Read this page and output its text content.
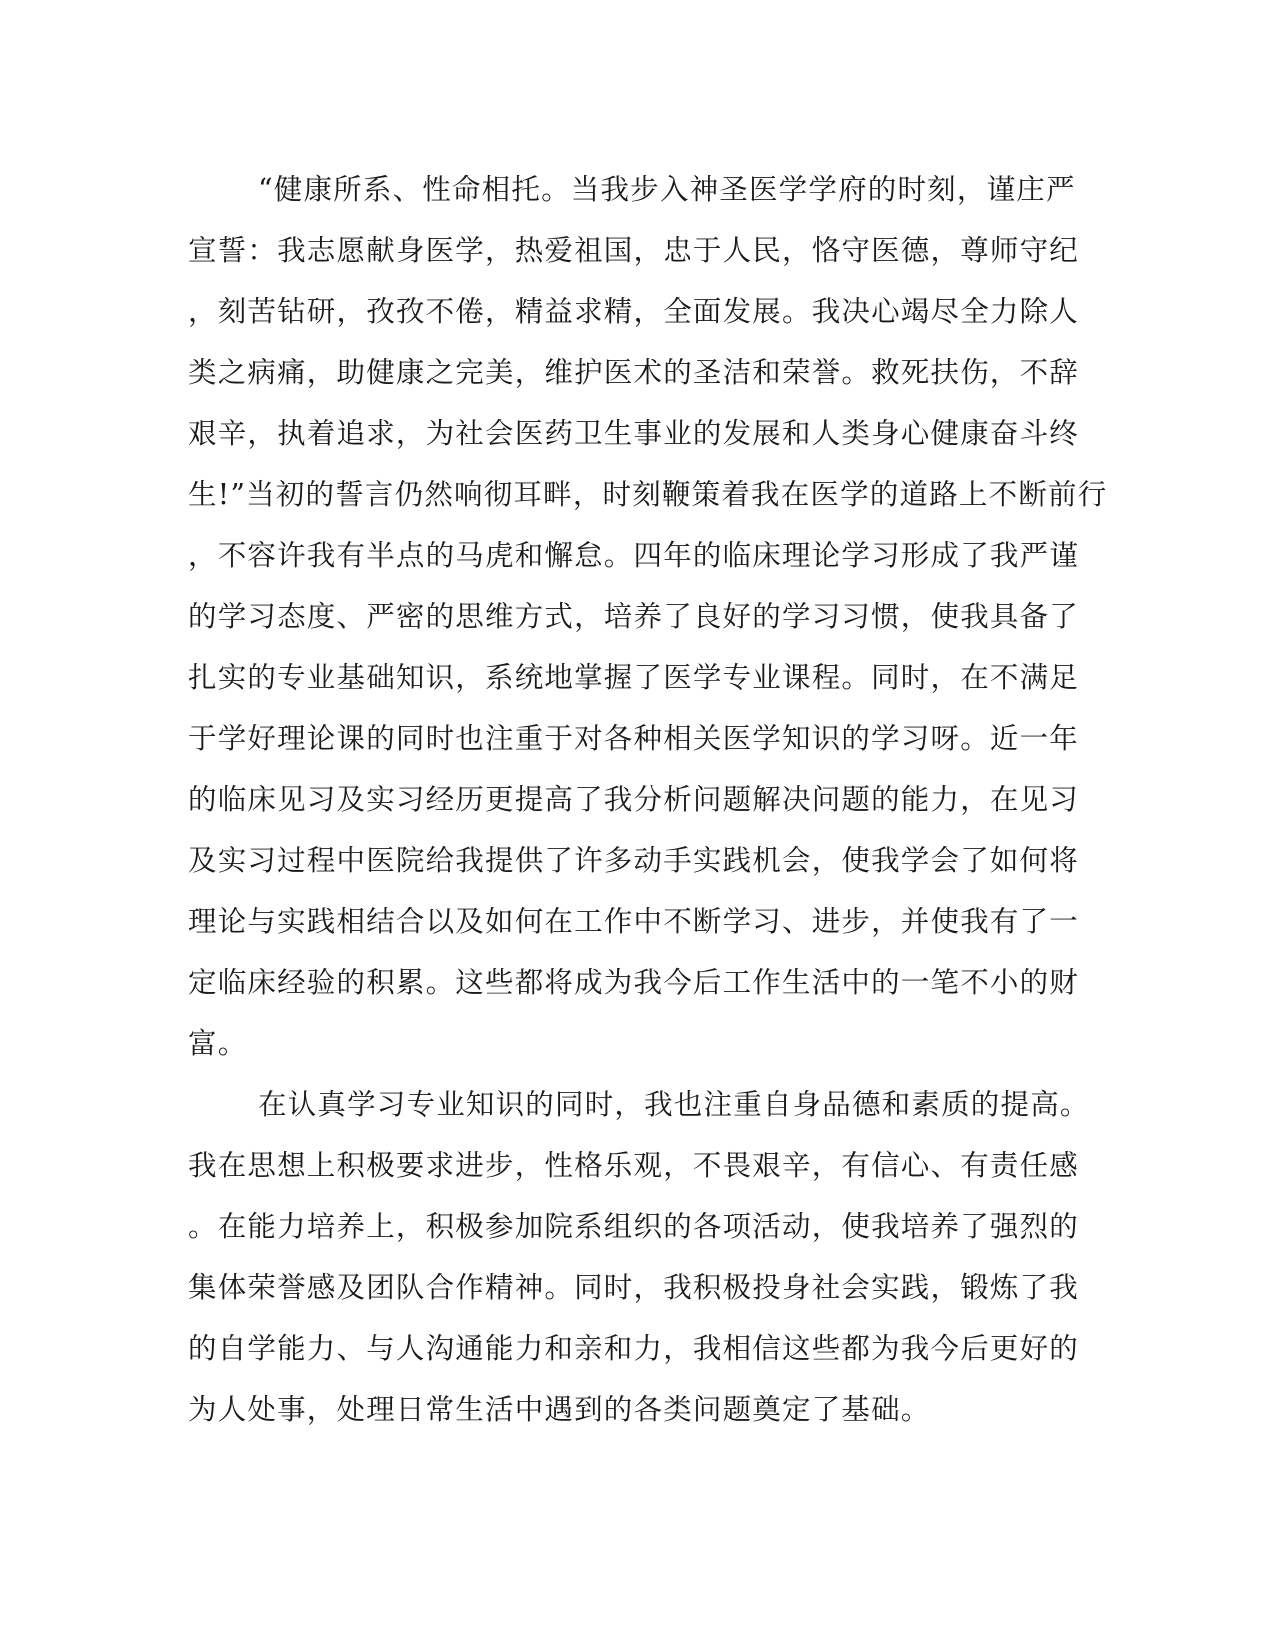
“健康所系、性命相托。当我步入神圣医学学府的时刻，谨庄严
宣誓：我志愿献身医学，热爱祖国，忠于人民，恪守医德，尊师守纪
，刻苦钻研，孜孜不倦，精益求精，全面发展。我决心竭尽全力除人
类之病痛，助健康之完美，维护医术的圣洁和荣誉。救死扶伤，不辞
艰辛，执着追求，为社会医药卫生事业的发展和人类身心健康奋斗终
生!”当初的誓言仍然响彻耳畔，时刻鞭策着我在医学的道路上不断前行
，不容许我有半点的马虎和懈怠。四年的临床理论学习形成了我严谨
的学习态度、严密的思维方式，培养了良好的学习习惯，使我具备了
扎实的专业基础知识，系统地掌握了医学专业课程。同时，在不满足
于学好理论课的同时也注重于对各种相关医学知识的学习呀。近一年
的临床见习及实习经历更提高了我分析问题解决问题的能力，在见习
及实习过程中医院给我提供了许多动手实践机会，使我学会了如何将
理论与实践相结合以及如何在工作中不断学习、进步，并使我有了一
定临床经验的积累。这些都将成为我今后工作生活中的一笔不小的财
富。
在认真学习专业知识的同时，我也注重自身品德和素质的提高。
我在思想上积极要求进步，性格乐观，不畏艰辛，有信心、有责任感
。在能力培养上，积极参加院系组织的各项活动，使我培养了强烈的
集体荣誉感及团队合作精神。同时，我积极投身社会实践，锻炼了我
的自学能力、与人沟通能力和亲和力，我相信这些都为我今后更好的
为人处事，处理日常生活中遇到的各类问题奠定了基础。
